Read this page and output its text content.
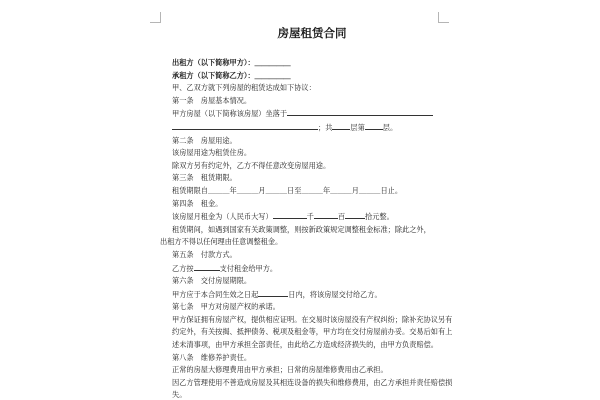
房屋租赁合同
出租方（以下简称甲方）：＿＿＿＿＿
承租方（以下简称乙方）：＿＿＿＿＿
甲、乙双方就下列房屋的租赁达成如下协议：
第一条　房屋基本情况。
甲方房屋（以下简称该房屋）坐落于
；共	层第	层。
第二条　房屋用途。
该房屋用途为租赁住房。
除双方另有约定外，乙方不得任意改变房屋用途。
第三条　租赁期限。
租赁期限自＿＿＿年＿＿＿月＿＿＿日至＿＿＿年＿＿＿月＿＿＿日止。
第四条　租金。
该房屋月租金为（人民币大写）	千	百	拾元整。
租赁期间，如遇到国家有关政策调整，则按新政策规定调整租金标准；除此之外，
出租方不得以任何理由任意调整租金。
第五条　付款方式。
乙方按	支付租金给甲方。
第六条　交付房屋期限。
甲方应于本合同生效之日起	日内，将该房屋交付给乙方。
第七条　甲方对房屋产权的承诺。
甲方保证拥有房屋产权，提供相应证明。在交易时该房屋没有产权纠纷；除补充协议另有约定外，有关按揭、抵押债务、税项及租金等，甲方均在交付房屋前办妥。交易后如有上述未清事项，由甲方承担全部责任，由此给乙方造成经济损失的，由甲方负责赔偿。
第八条　维修养护责任。
正常的房屋大修理费用由甲方承担；日常的房屋维修费用由乙承担。
因乙方管理使用不善造成房屋及其相连设备的损失和维修费用，由乙方承担并责任赔偿损失。
